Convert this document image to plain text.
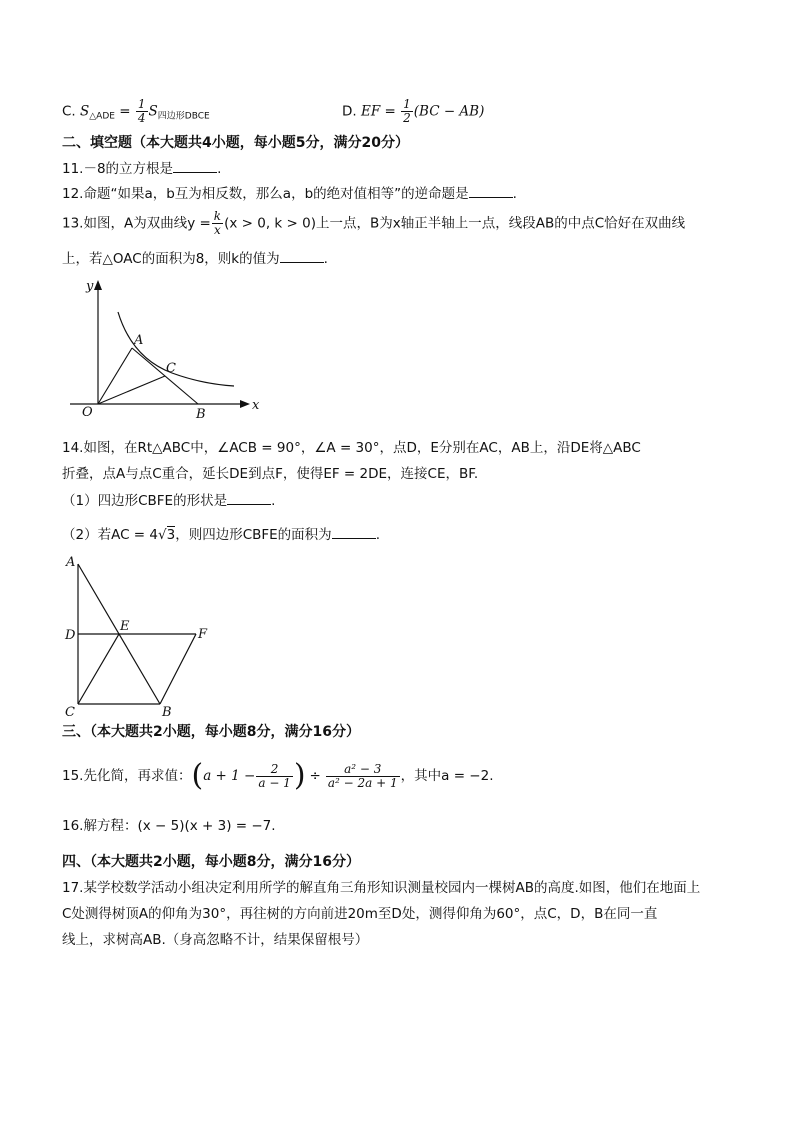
C. $S_{\triangle ADE} = \frac{1}{4} S_{四边形DBCE}$	D. EF = $\frac{1}{2} (BC - AB)$
二、填空题（本大题共4小题，每小题5分，满分20分）
11.－8的立方根是	.
12.命题“如果a，b互为相反数，那么a，b的绝对值相等”的逆命题是	.
13.如图，A为双曲线$y = \frac{k}{x} (x > 0$, k > 0)上一点，B为x轴正半轴上一点，线段AB的中点C恰好在双曲线
上，若△OAC的面积为8，则k的值为	.
y
x
O
A
C
B
14.如图，在Rt△ABC中，∠ACB = 90°，∠A = 30°，点D，E分别在AC，AB上，沿DE将△ABC
折叠，点A与点C重合，延长DE到点F，使得EF = 2DE，连接CE，BF.
（1）四边形CBFE的形状是	.
（2）若AC = 4√3，则四边形CBFE的面积为	.
A
D
E
F
C	B
三、（本大题共2小题，每小题8分，满分16分）
15.先化简，再求值：($a + 1 - \frac{2}{a - 1}$ ) ÷ $\frac{\text{a² − 3}}{\text{a² − 2a + 1}}$ ，其中a = −2.
16.解方程：(x − 5)(x + 3) = −7.
四、（本大题共2小题，每小题8分，满分16分）
17.某学校数学活动小组决定利用所学的解直角三角形知识测量校园内一棵树AB的高度.如图，他们在地面上
C处测得树顶A的仰角为30°，再往树的方向前进20m至D处，测得仰角为60°，点C，D，B在同一直
线上，求树高AB.（身高忽略不计，结果保留根号）
